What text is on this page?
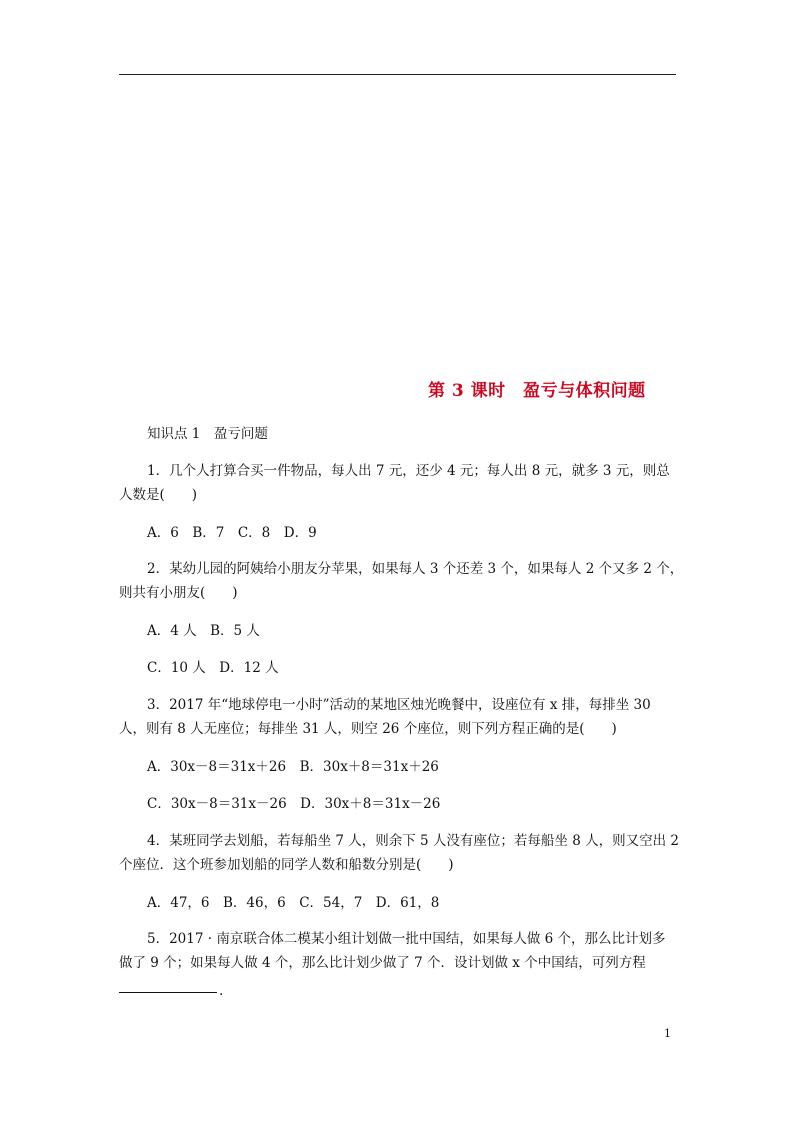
第 3 课时　盈亏与体积问题
知识点 1　盈亏问题
1．几个人打算合买一件物品，每人出 7 元，还少 4 元；每人出 8 元，就多 3 元，则总
人数是(　　)
A．6　B．7　C．8　D．9
2．某幼儿园的阿姨给小朋友分苹果，如果每人 3 个还差 3 个，如果每人 2 个又多 2 个，
则共有小朋友(　　)
A．4 人　B．5 人
C．10 人　D．12 人
3．2017 年“地球停电一小时”活动的某地区烛光晚餐中，设座位有 x 排，每排坐 30
人，则有 8 人无座位；每排坐 31 人，则空 26 个座位，则下列方程正确的是(　　)
A．30x－8＝31x＋26　B．30x＋8＝31x＋26
C．30x－8＝31x－26　D．30x＋8＝31x－26
4．某班同学去划船，若每船坐 7 人，则余下 5 人没有座位；若每船坐 8 人，则又空出 2
个座位．这个班参加划船的同学人数和船数分别是(　　)
A．47，6　B．46，6　C．54，7　D．61，8
5．2017 · 南京联合体二模某小组计划做一批中国结，如果每人做 6 个，那么比计划多
做了 9 个；如果每人做 4 个，那么比计划少做了 7 个．设计划做 x 个中国结，可列方程
.
1
